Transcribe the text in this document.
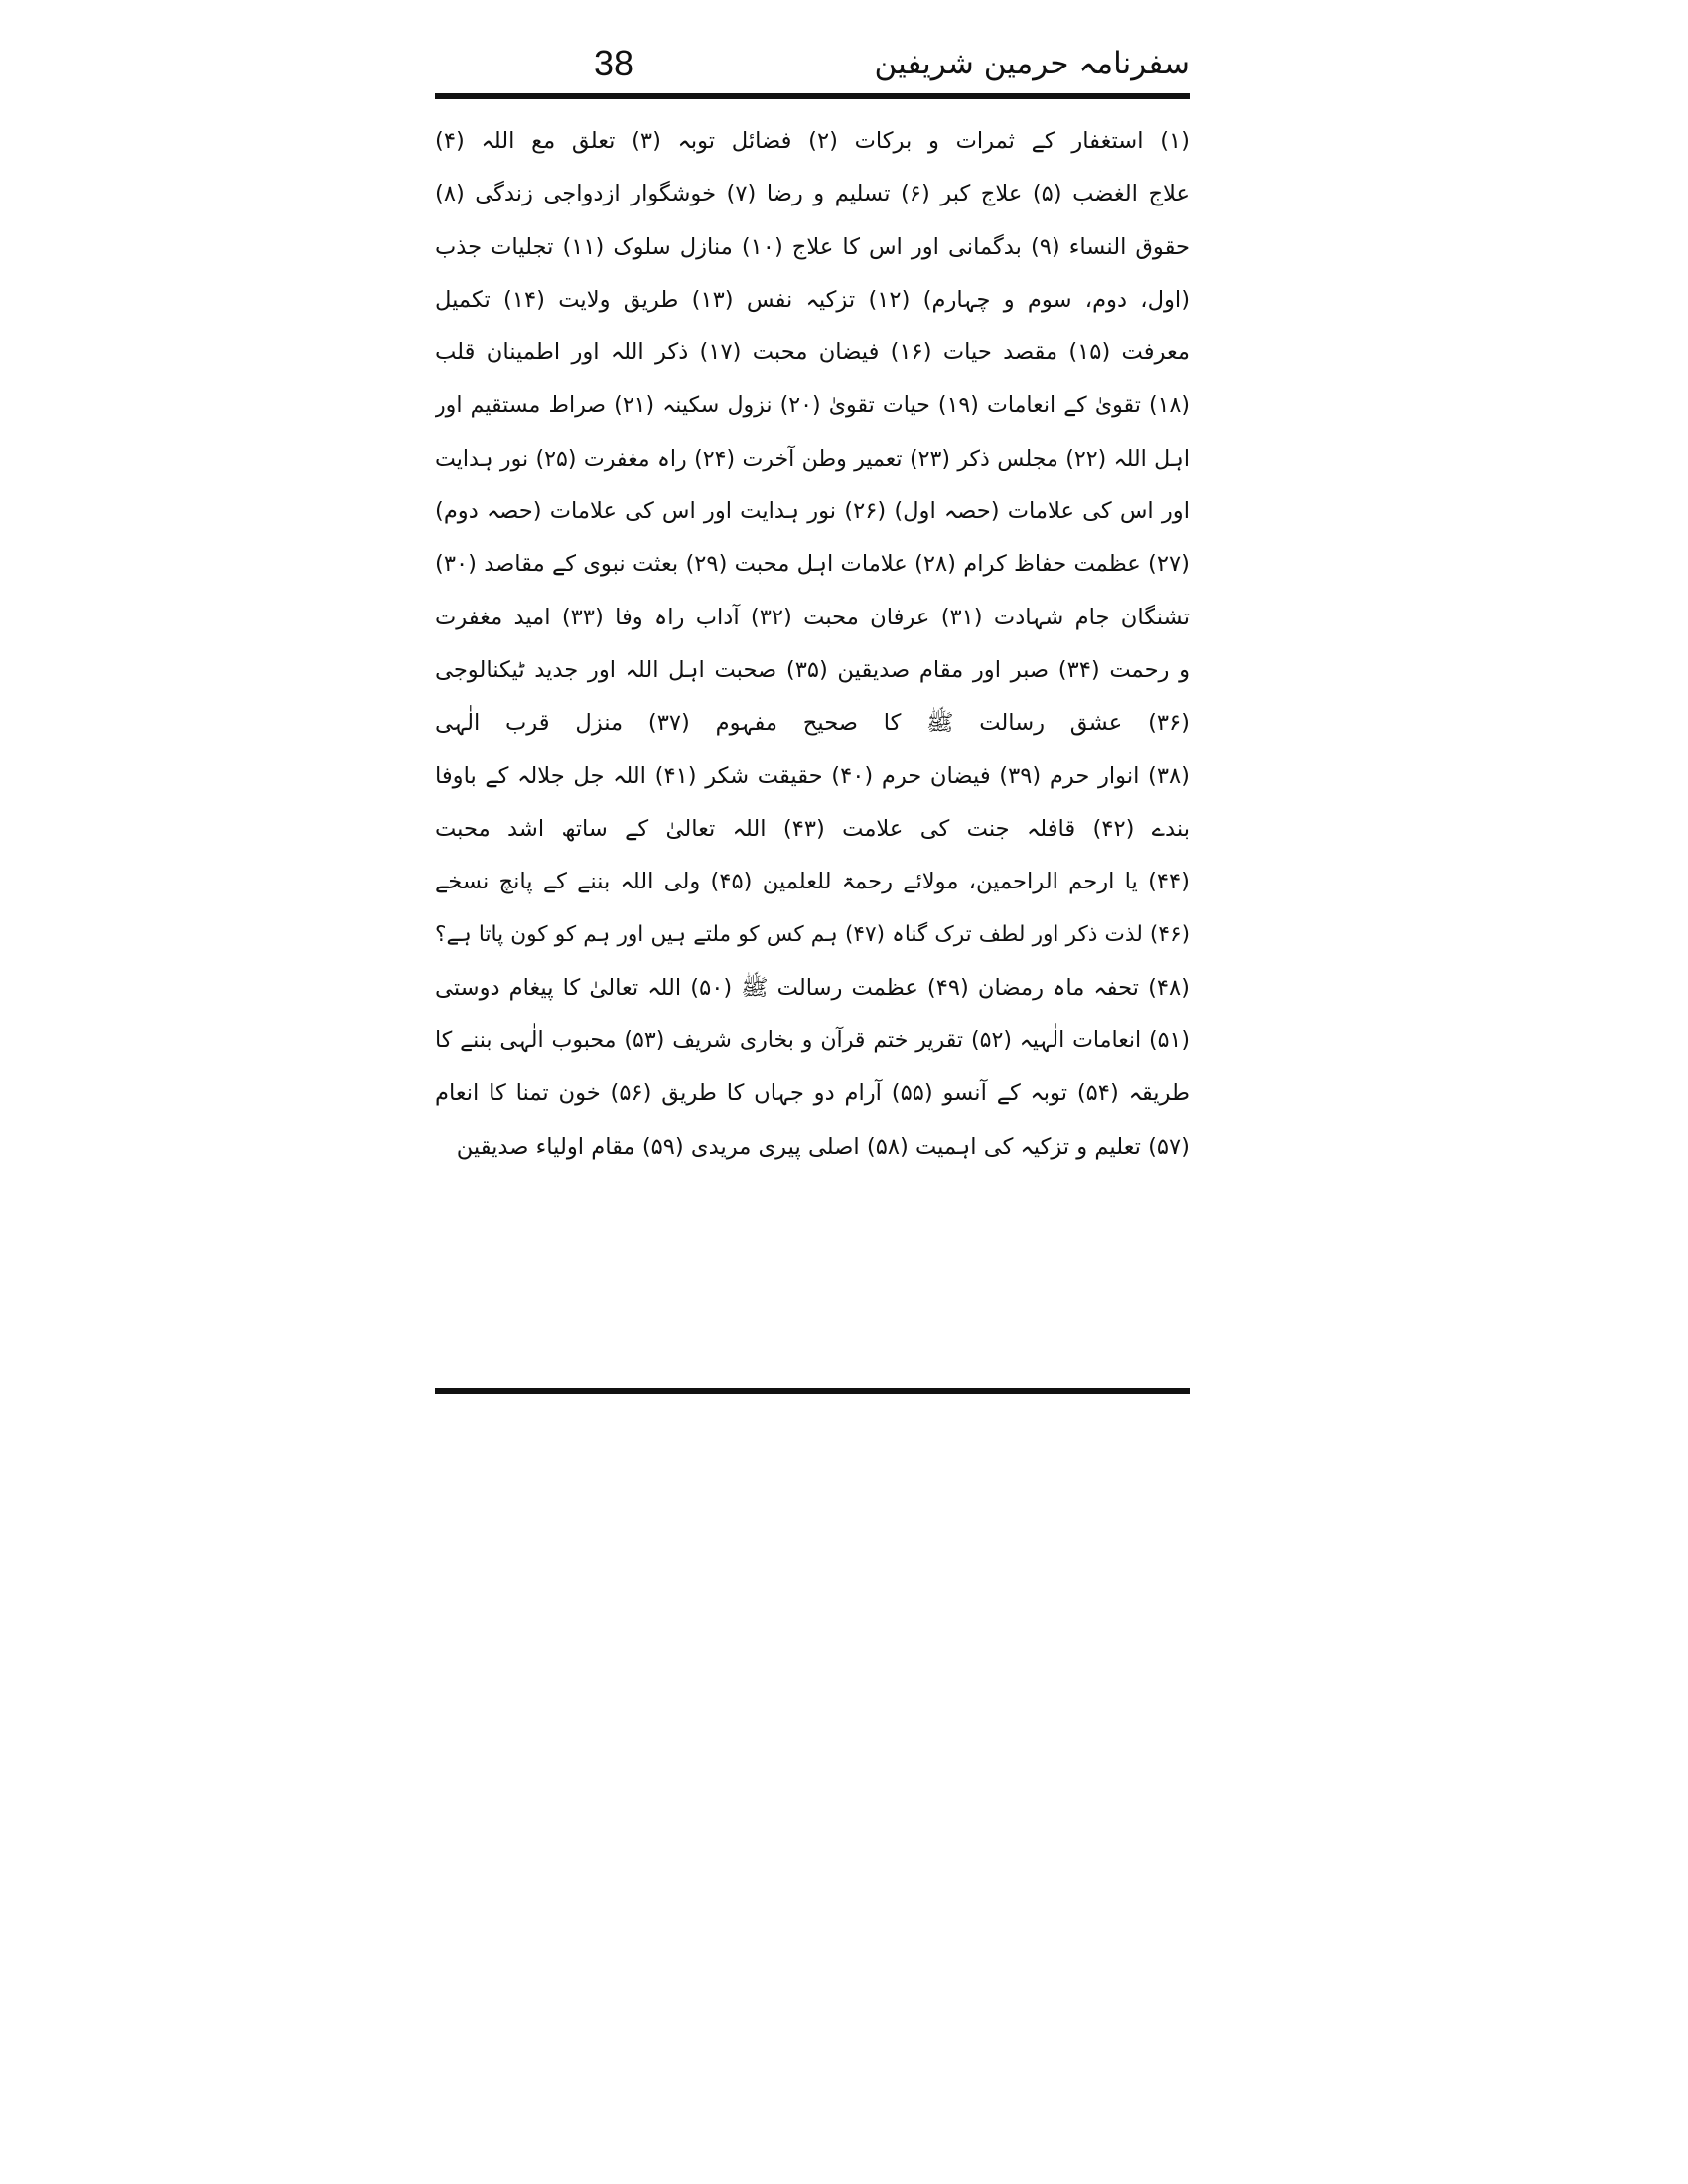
38	سفرنامہ حرمین شریفین
(۱) استغفار کے ثمرات و برکات (۲) فضائل توبہ (۳) تعلق مع اللہ (۴)
علاج الغضب (۵) علاج کبر (۶) تسلیم و رضا (۷) خوشگوار ازدواجی زندگی (۸)
حقوق النساء (۹) بدگمانی اور اس کا علاج (۱۰) منازل سلوک (۱۱) تجلیات جذب
(اول، دوم، سوم و چہارم) (۱۲) تزکیہ نفس (۱۳) طریق ولایت (۱۴) تکمیل
معرفت (۱۵) مقصد حیات (۱۶) فیضان محبت (۱۷) ذکر اللہ اور اطمینان قلب
(۱۸) تقویٰ کے انعامات (۱۹) حیات تقویٰ (۲۰) نزول سکینہ (۲۱) صراط مستقیم اور
اہل اللہ (۲۲) مجلس ذکر (۲۳) تعمیر وطن آخرت (۲۴) راہ مغفرت (۲۵) نور ہدایت
اور اس کی علامات (حصہ اول) (۲۶) نور ہدایت اور اس کی علامات (حصہ دوم)
(۲۷) عظمت حفاظ کرام (۲۸) علامات اہل محبت (۲۹) بعثت نبوی کے مقاصد (۳۰)
تشنگان جام شہادت (۳۱) عرفان محبت (۳۲) آداب راہ وفا (۳۳) امید مغفرت
و رحمت (۳۴) صبر اور مقام صدیقین (۳۵) صحبت اہل اللہ اور جدید ٹیکنالوجی
(۳۶) عشق رسالت ﷺ کا صحیح مفہوم (۳۷) منزل قرب الٰہی
(۳۸) انوار حرم (۳۹) فیضان حرم (۴۰) حقیقت شکر (۴۱) اللہ جل جلالہ کے باوفا
بندے (۴۲) قافلہ جنت کی علامت (۴۳) اللہ تعالیٰ کے ساتھ اشد محبت
(۴۴) یا ارحم الراحمین، مولائے رحمۃ للعلمین (۴۵) ولی اللہ بننے کے پانچ نسخے
(۴۶) لذت ذکر اور لطف ترک گناہ (۴۷) ہم کس کو ملتے ہیں اور ہم کو کون پاتا ہے؟
(۴۸) تحفہ ماہ رمضان (۴۹) عظمت رسالت ﷺ (۵۰) اللہ تعالیٰ کا پیغام دوستی
(۵۱) انعامات الٰہیہ (۵۲) تقریر ختم قرآن و بخاری شریف (۵۳) محبوب الٰہی بننے کا
طریقہ (۵۴) توبہ کے آنسو (۵۵) آرام دو جہاں کا طریق (۵۶) خون تمنا کا انعام
(۵۷) تعلیم و تزکیہ کی اہمیت (۵۸) اصلی پیری مریدی (۵۹) مقام اولیاء صدیقین
